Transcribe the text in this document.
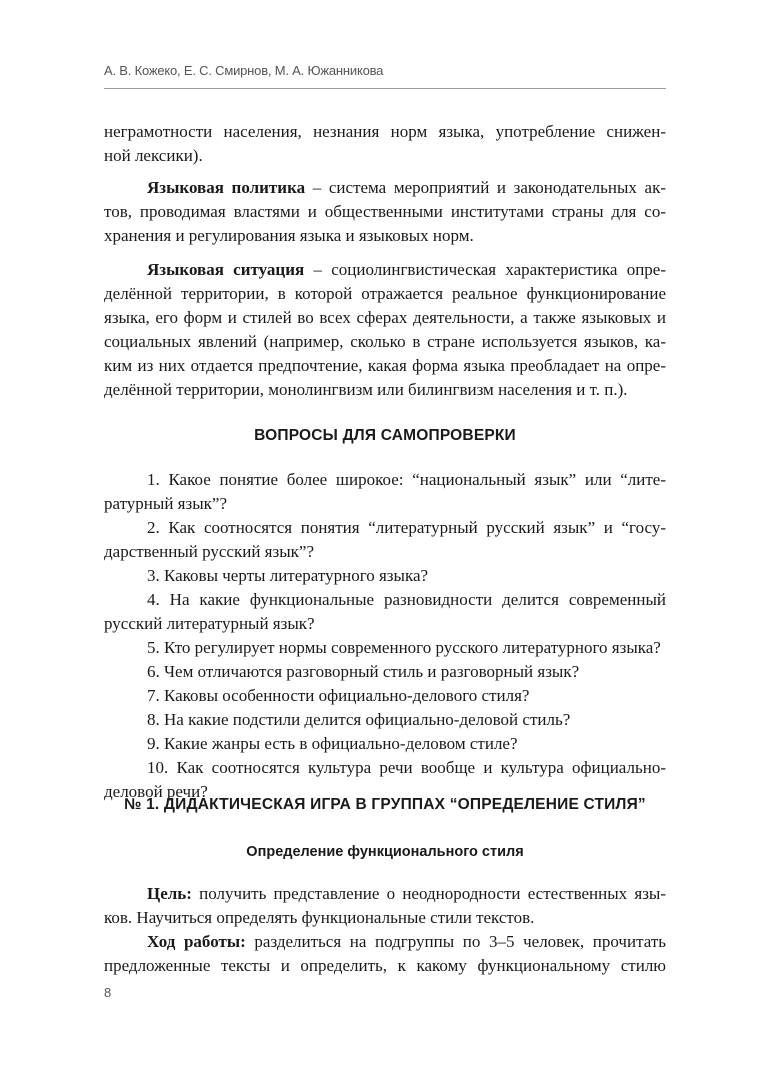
А. В. Кожеко, Е. С. Смирнов, М. А. Южанникова
неграмотности населения, незнания норм языка, употребление снижен-
ной лексики).
Языковая политика – система мероприятий и законодательных ак-
тов, проводимая властями и общественными институтами страны для со-
хранения и регулирования языка и языковых норм.
Языковая ситуация – социолингвистическая характеристика опре-
делённой территории, в которой отражается реальное функционирование
языка, его форм и стилей во всех сферах деятельности, а также языковых и
социальных явлений (например, сколько в стране используется языков, ка-
ким из них отдается предпочтение, какая форма языка преобладает на опре-
делённой территории, монолингвизм или билингвизм населения и т. п.).
ВОПРОСЫ ДЛЯ САМОПРОВЕРКИ
1. Какое понятие более широкое: “национальный язык” или “лите-
ратурный язык”?
2. Как соотносятся понятия “литературный русский язык” и “госу-
дарственный русский язык”?
3. Каковы черты литературного языка?
4. На какие функциональные разновидности делится современный
русский литературный язык?
5. Кто регулирует нормы современного русского литературного языка?
6. Чем отличаются разговорный стиль и разговорный язык?
7. Каковы особенности официально-делового стиля?
8. На какие подстили делится официально-деловой стиль?
9. Какие жанры есть в официально-деловом стиле?
10. Как соотносятся культура речи вообще и культура официально-
деловой речи?
№ 1. ДИДАКТИЧЕСКАЯ ИГРА В ГРУППАХ “ОПРЕДЕЛЕНИЕ СТИЛЯ”
Определение функционального стиля
Цель: получить представление о неоднородности естественных язы-
ков. Научиться определять функциональные стили текстов.
Ход работы: разделиться на подгруппы по 3–5 человек, прочитать
предложенные тексты и определить, к какому функциональному стилю
8
